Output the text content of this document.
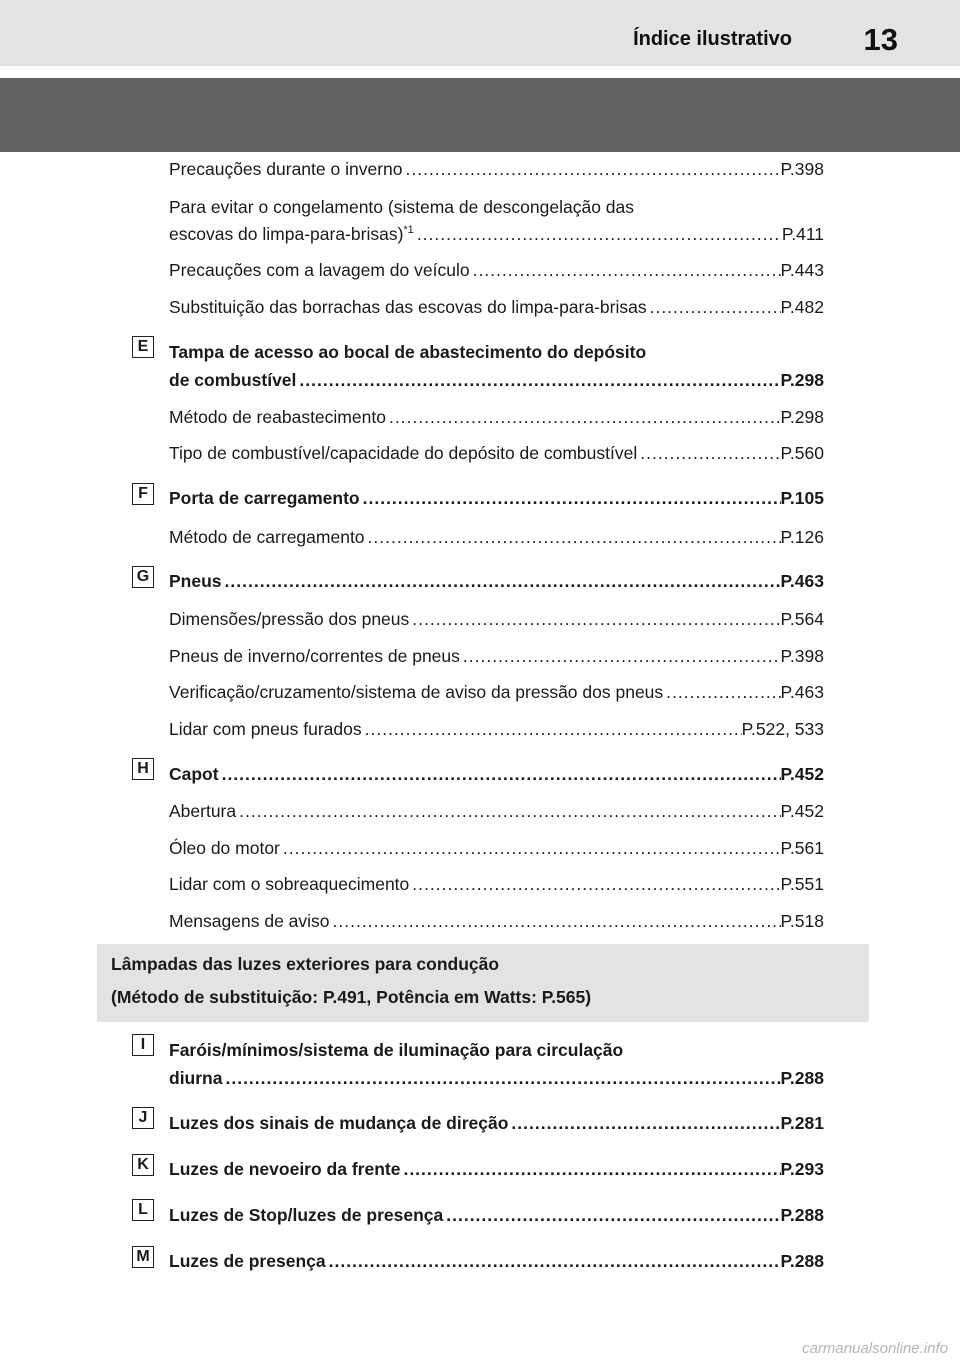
Índice ilustrativo 13
Precauções durante o inverno .....	P.398
Para evitar o congelamento (sistema de descongelação das
escovas do limpa-para-brisas)$^{*1}$ .....	P.411
Precauções com a lavagem do veículo .....	P.443
Substituição das borrachas das escovas do limpa-para-brisas .....	P.482
E	Tampa de acesso ao bocal de abastecimento do depósito
de combustível .....	P.298
Método de reabastecimento .....	P.298
Tipo de combustível/capacidade do depósito de combustível .....	P.560
F	Porta de carregamento .....	P.105
Método de carregamento .....	P.126
G Pneus .....	P.463
Dimensões/pressão dos pneus .....	P.564
Pneus de inverno/correntes de pneus .....	P.398
Verificação/cruzamento/sistema de aviso da pressão dos pneus .....	P.463
Lidar com pneus furados .....	P.522, 533
H Capot .....	P.452
Abertura .....	P.452
Óleo do motor .....	P.561
Lidar com o sobreaquecimento .....	P.551
Mensagens de aviso .....	P.518
Lâmpadas das luzes exteriores para condução
(Método de substituição: P.491, Potência em Watts: P.565)
I	Faróis/mínimos/sistema de iluminação para circulação
diurna .....	P.288
J	Luzes dos sinais de mudança de direção .....	P.281
K Luzes de nevoeiro da frente .....	P.293
L	Luzes de Stop/luzes de presença .....	P.288
M Luzes de presença .....	P.288
carmanualsonline.info
